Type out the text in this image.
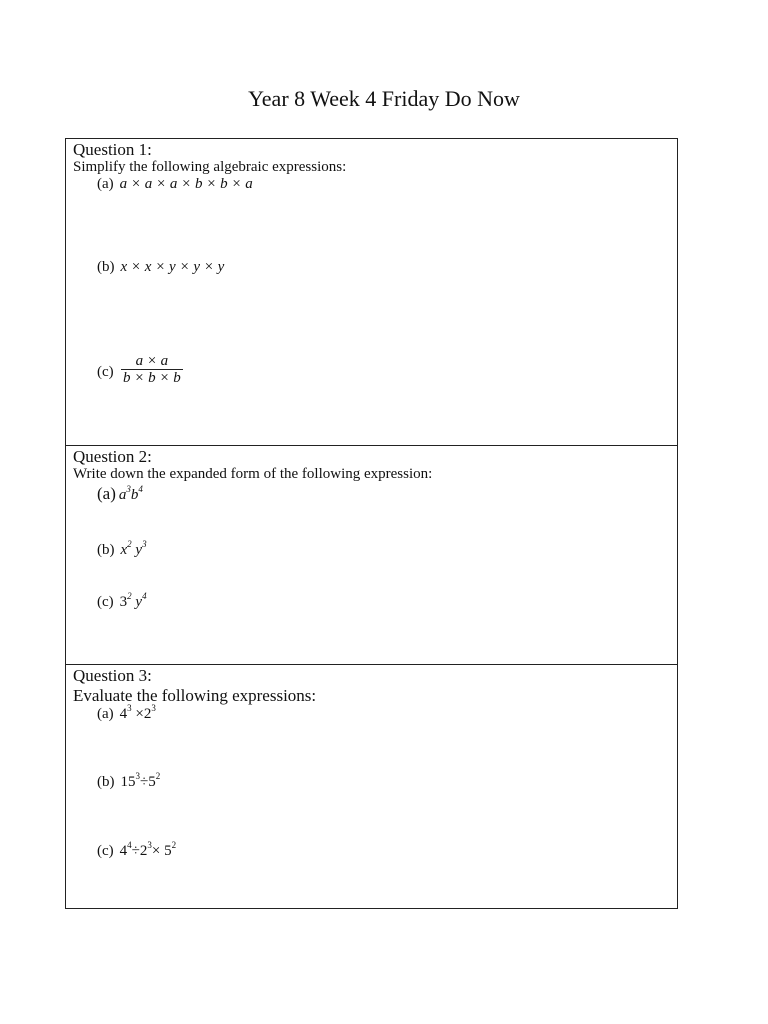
Year 8 Week 4 Friday Do Now
Question 1:
Simplify the following algebraic expressions:
(a) a × a × a × b × b × a
(b) x × x × y × y × y
$(c) \frac{a \times a}{b \times b \times b}$
Question 2:
Write down the expanded form of the following expression:
(a) $a^3b^4$
(b) $x^2$ $y^3$
(c) $3^2$ $y^4$
Question 3:
Evaluate the following expressions:
(a) $4^3 \times 2^3$
(b) $15^3\div 5^2$
(c) $4^4\div 2^3\times 5^2$
